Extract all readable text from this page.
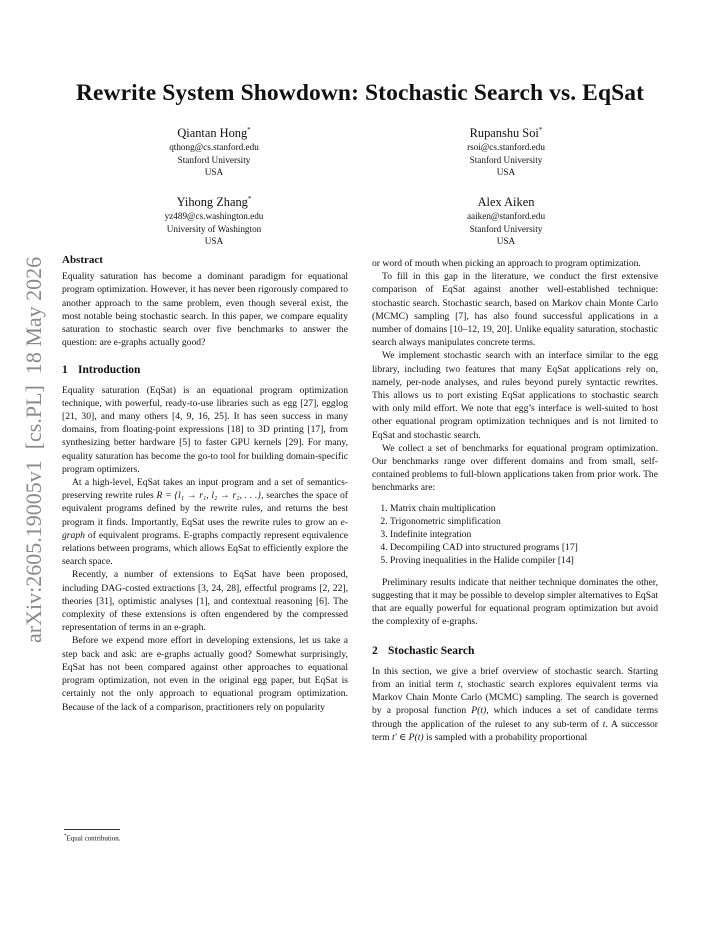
arXiv:2605.19005v1  [cs.PL]  18 May 2026
Rewrite System Showdown: Stochastic Search vs. EqSat
Qiantan Hong*
qthong@cs.stanford.edu
Stanford University
USA
Rupanshu Soi*
rsoi@cs.stanford.edu
Stanford University
USA
Yihong Zhang*
yz489@cs.washington.edu
University of Washington
USA
Alex Aiken
aaiken@stanford.edu
Stanford University
USA
Abstract

Equality saturation has become a dominant paradigm for equational program optimization. However, it has never been rigorously compared to another approach to the same problem, even though several exist, the most notable being stochastic search. In this paper, we compare equality saturation to stochastic search over five benchmarks to answer the question: are e-graphs actually good?

1 Introduction

Equality saturation (EqSat) is an equational program optimization technique, with powerful, ready-to-use libraries such as egg [27], egglog [21, 30], and many others [4, 9, 16, 25]. It has seen success in many domains, from floating-point expressions [18] to 3D printing [17], from synthesizing better hardware [5] to faster GPU kernels [29]. For many, equality saturation has become the go-to tool for building domain-specific program optimizers.

At a high-level, EqSat takes an input program and a set of semantics-preserving rewrite rules R = {l₁ → r₁, l₂ → r₂, . . .}, searches the space of equivalent programs defined by the rewrite rules, and returns the best program it finds. Importantly, EqSat uses the rewrite rules to grow an e-graph of equivalent programs. E-graphs compactly represent equivalence relations between programs, which allows EqSat to efficiently explore the search space.

Recently, a number of extensions to EqSat have been proposed, including DAG-costed extractions [3, 24, 28], effectful programs [2, 22], theories [31], optimistic analyses [1], and contextual reasoning [6]. The complexity of these extensions is often engendered by the compressed representation of terms in an e-graph.

Before we expend more effort in developing extensions, let us take a step back and ask: are e-graphs actually good? Somewhat surprisingly, EqSat has not been compared against other approaches to equational program optimization, not even in the original egg paper, but EqSat is certainly not the only approach to equational program optimization. Because of the lack of a comparison, practitioners rely on popularity

or word of mouth when picking an approach to program optimization.

To fill in this gap in the literature, we conduct the first extensive comparison of EqSat against another well-established technique: stochastic search. Stochastic search, based on Markov chain Monte Carlo (MCMC) sampling [7], has also found successful applications in a number of domains [10–12, 19, 20]. Unlike equality saturation, stochastic search always manipulates concrete terms.

We implement stochastic search with an interface similar to the egg library, including two features that many EqSat applications rely on, namely, per-node analyses, and rules beyond purely syntactic rewrites. This allows us to port existing EqSat applications to stochastic search with only mild effort. We note that egg’s interface is well-suited to host other equational program optimization techniques and is not limited to EqSat and stochastic search.

We collect a set of benchmarks for equational program optimization. Our benchmarks range over different domains and from small, self-contained problems to full-blown applications taken from prior work. The benchmarks are:

1. Matrix chain multiplication
2. Trigonometric simplification
3. Indefinite integration
4. Decompiling CAD into structured programs [17]
5. Proving inequalities in the Halide compiler [14]

Preliminary results indicate that neither technique dominates the other, suggesting that it may be possible to develop simpler alternatives to EqSat that are equally powerful for equational program optimization but avoid the complexity of e-graphs.

2 Stochastic Search

In this section, we give a brief overview of stochastic search. Starting from an initial term t, stochastic search explores equivalent terms via Markov Chain Monte Carlo (MCMC) sampling. The search is governed by a proposal function P(t), which induces a set of candidate terms through the application of the ruleset to any sub-term of t. A successor term t′ ∈ P(t) is sampled with a probability proportional

*Equal contribution.
